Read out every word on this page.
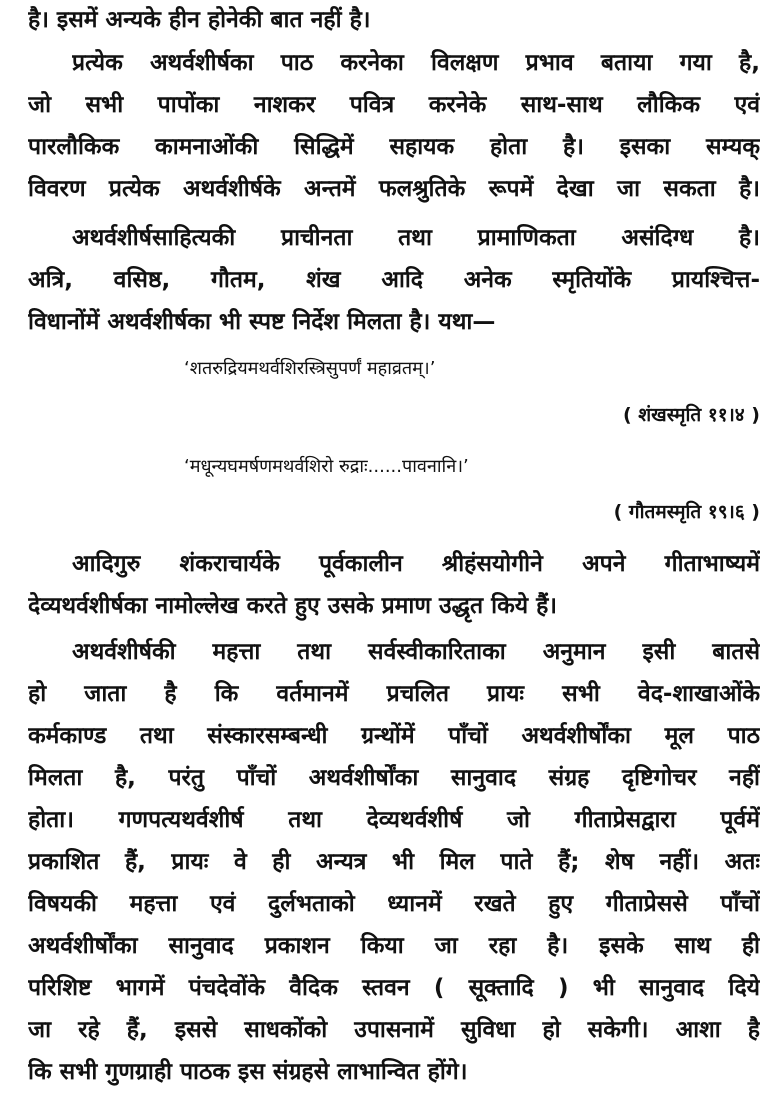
है। इसमें अन्यके हीन होनेकी बात नहीं है।
प्रत्येक अथर्वशीर्षका पाठ करनेका विलक्षण प्रभाव बताया गया है,
जो सभी पापोंका नाशकर पवित्र करनेके साथ-साथ लौकिक एवं
पारलौकिक कामनाओंकी सिद्धिमें सहायक होता है। इसका सम्यक्
विवरण प्रत्येक अथर्वशीर्षके अन्तमें फलश्रुतिके रूपमें देखा जा सकता है।
अथर्वशीर्षसाहित्यकी प्राचीनता तथा प्रामाणिकता असंदिग्ध है।
अत्रि, वसिष्ठ, गौतम, शंख आदि अनेक स्मृतियोंके प्रायश्चित्त-
विधानोंमें अथर्वशीर्षका भी स्पष्ट निर्देश मिलता है। यथा—
‘शतरुद्रियमथर्वशिरस्त्रिसुपर्णं महाव्रतम्।’
( शंखस्मृति ११।४ )
‘मधून्यघमर्षणमथर्वशिरो रुद्राः......पावनानि।’
( गौतमस्मृति १९।६ )
आदिगुरु शंकराचार्यके पूर्वकालीन श्रीहंसयोगीने अपने गीताभाष्यमें
देव्यथर्वशीर्षका नामोल्लेख करते हुए उसके प्रमाण उद्धृत किये हैं।
अथर्वशीर्षकी महत्ता तथा सर्वस्वीकारिताका अनुमान इसी बातसे
हो जाता है कि वर्तमानमें प्रचलित प्रायः सभी वेद-शाखाओंके
कर्मकाण्ड तथा संस्कारसम्बन्धी ग्रन्थोंमें पाँचों अथर्वशीर्षोंका मूल पाठ
मिलता है, परंतु पाँचों अथर्वशीर्षोंका सानुवाद संग्रह दृष्टिगोचर नहीं
होता। गणपत्यथर्वशीर्ष तथा देव्यथर्वशीर्ष जो गीताप्रेसद्वारा पूर्वमें
प्रकाशित हैं, प्रायः वे ही अन्यत्र भी मिल पाते हैं; शेष नहीं। अतः
विषयकी महत्ता एवं दुर्लभताको ध्यानमें रखते हुए गीताप्रेससे पाँचों
अथर्वशीर्षोंका सानुवाद प्रकाशन किया जा रहा है। इसके साथ ही
परिशिष्ट भागमें पंचदेवोंके वैदिक स्तवन ( सूक्तादि ) भी सानुवाद दिये
जा रहे हैं, इससे साधकोंको उपासनामें सुविधा हो सकेगी। आशा है
कि सभी गुणग्राही पाठक इस संग्रहसे लाभान्वित होंगे।
